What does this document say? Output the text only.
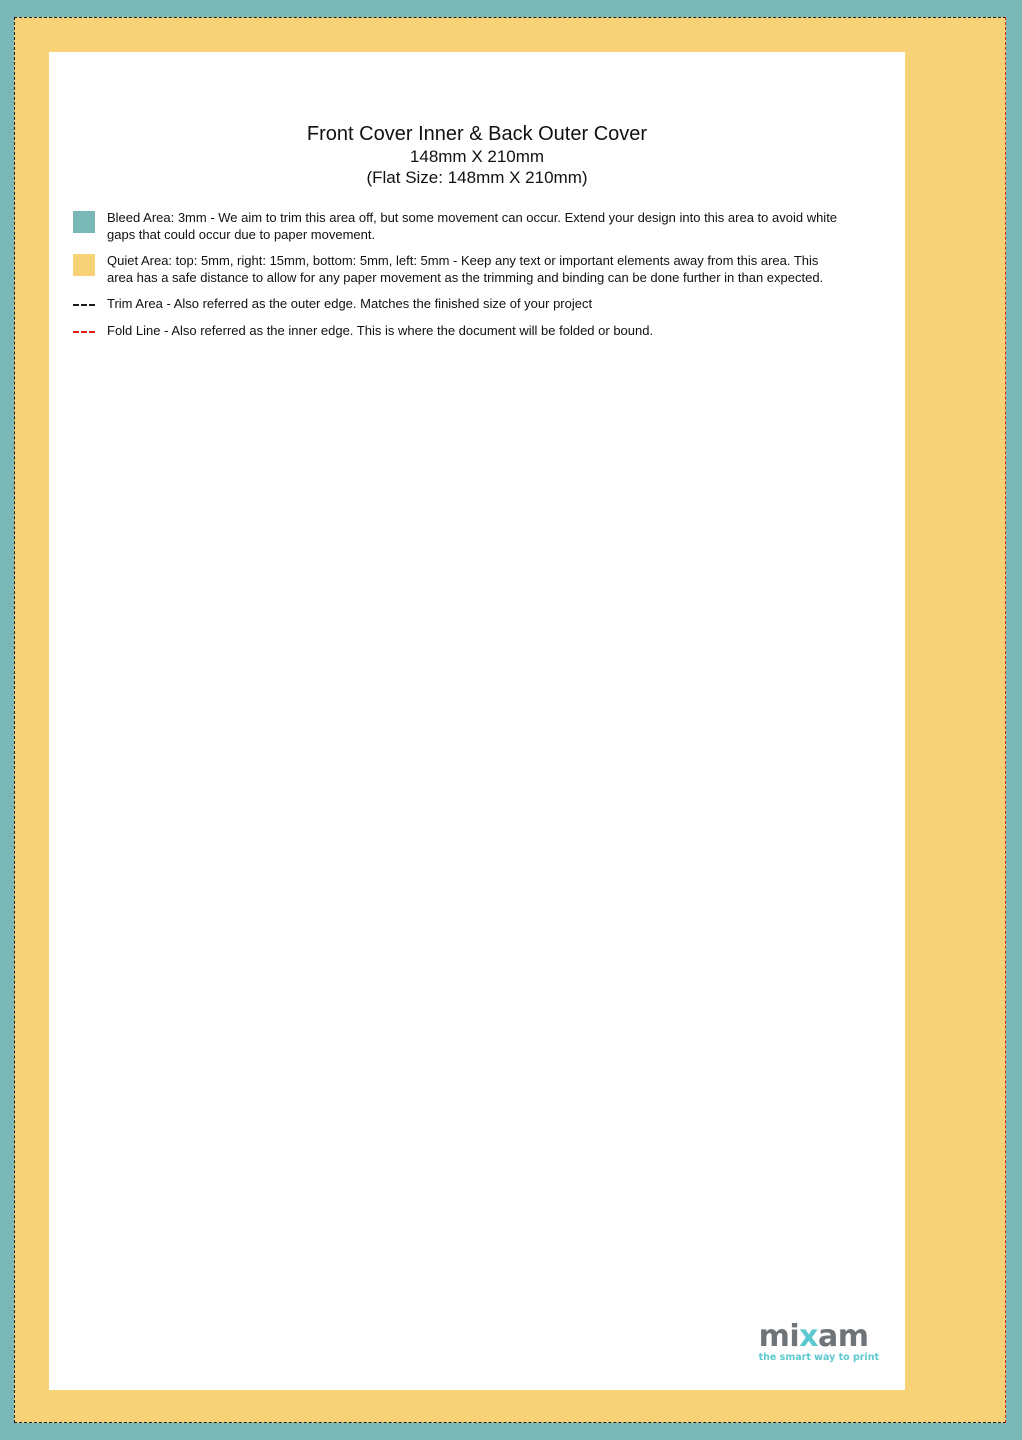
Front Cover Inner & Back Outer Cover
148mm X 210mm
(Flat Size: 148mm X 210mm)
Bleed Area: 3mm - We aim to trim this area off, but some movement can occur. Extend your design into this area to avoid white gaps that could occur due to paper movement.
Quiet Area: top: 5mm, right: 15mm, bottom: 5mm, left: 5mm - Keep any text or important elements away from this area. This area has a safe distance to allow for any paper movement as the trimming and binding can be done further in than expected.
Trim Area - Also referred as the outer edge. Matches the finished size of your project
Fold Line - Also referred as the inner edge. This is where the document will be folded or bound.
mixam
the smart way to print
